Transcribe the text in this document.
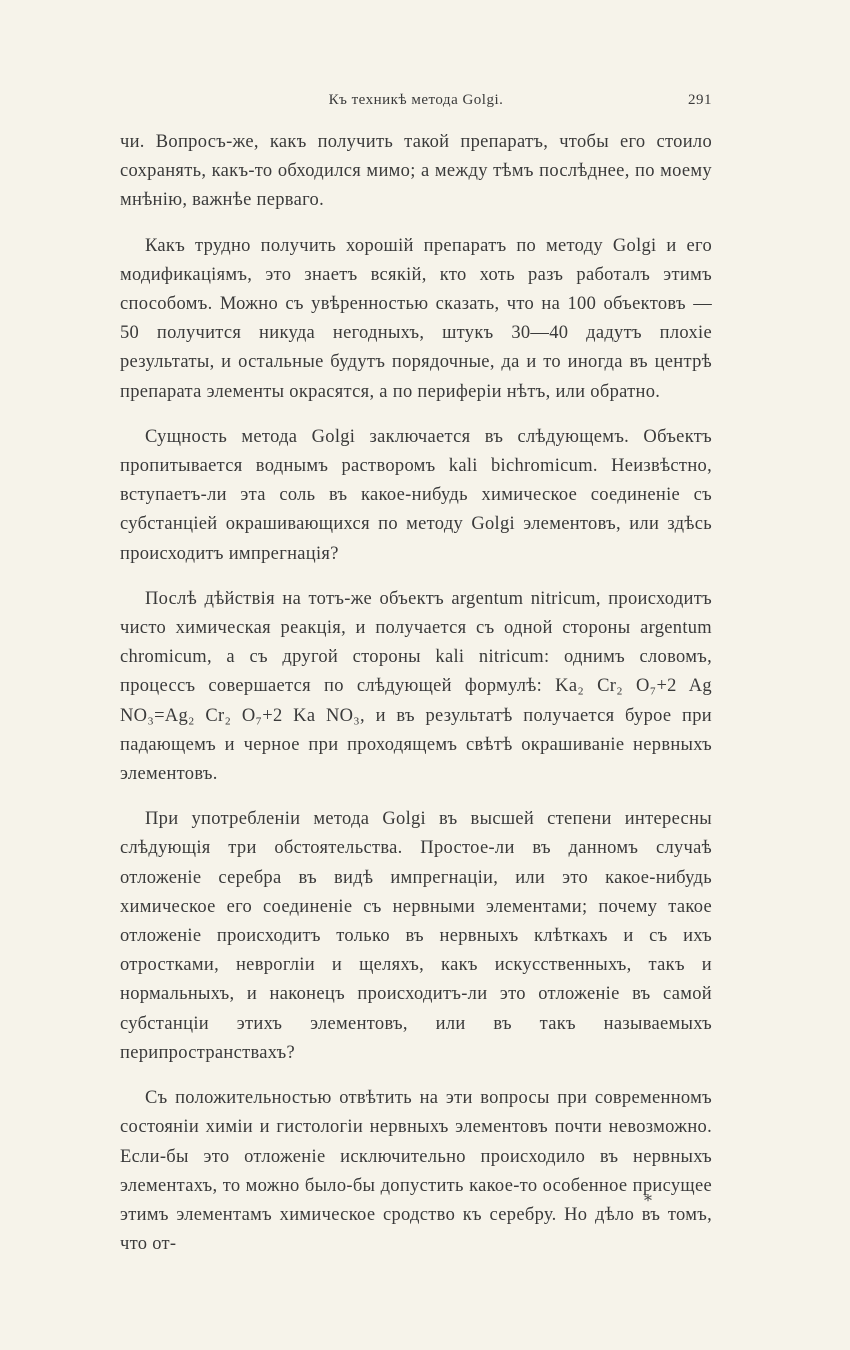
Къ техникѣ метода Golgi.	291

чи. Вопросъ-же, какъ получить такой препаратъ, чтобы его стоило сохранять, какъ-то обходился мимо; а между тѣмъ послѣднее, по моему мнѣнію, важнѣе перваго.

Какъ трудно получить хорошій препаратъ по методу Golgi и его модификаціямъ, это знаетъ всякій, кто хоть разъ работалъ этимъ способомъ. Можно съ увѣренностью сказать, что на 100 объектовъ — 50 получится никуда негодныхъ, штукъ 30—40 дадутъ плохіе результаты, и остальные будутъ порядочные, да и то иногда въ центрѣ препарата элементы окрасятся, а по периферіи нѣтъ, или обратно.

Сущность метода Golgi заключается въ слѣдующемъ. Объектъ пропитывается воднымъ растворомъ kali bichromicum. Неизвѣстно, вступаетъ-ли эта соль въ какое-нибудь химическое соединеніе съ субстанціей окрашивающихся по методу Golgi элементовъ, или здѣсь происходитъ импрегнація?

Послѣ дѣйствія на тотъ-же объектъ argentum nitricum, происходитъ чисто химическая реакція, и получается съ одной стороны argentum chromicum, а съ другой стороны kali nitricum: однимъ словомъ, процессъ совершается по слѣдующей формулѣ: Ka₂ Cr₂ O₇+2 Ag NO₃=Ag₂ Cr₂ O₇+2 Ka NO₃, и въ результатѣ получается бурое при падающемъ и черное при проходящемъ свѣтѣ окрашиваніе нервныхъ элементовъ.

При употребленіи метода Golgi въ высшей степени интересны слѣдующія три обстоятельства. Простое-ли въ данномъ случаѣ отложеніе серебра въ видѣ импрегнаціи, или это какое-нибудь химическое его соединеніе съ нервными элементами; почему такое отложеніе происходитъ только въ нервныхъ клѣткахъ и съ ихъ отростками, неврогліи и щеляхъ, какъ искусственныхъ, такъ и нормальныхъ, и наконецъ происходитъ-ли это отложеніе въ самой субстанціи этихъ элементовъ, или въ такъ называемыхъ перипространствахъ?

Съ положительностью отвѣтить на эти вопросы при современномъ состояніи химіи и гистологіи нервныхъ элементовъ почти невозможно. Если-бы это отложеніе исключительно происходило въ нервныхъ элементахъ, то можно было-бы допустить какое-то особенное присущее этимъ элементамъ химическое сродство къ серебру. Но дѣло въ томъ, что от-

*
